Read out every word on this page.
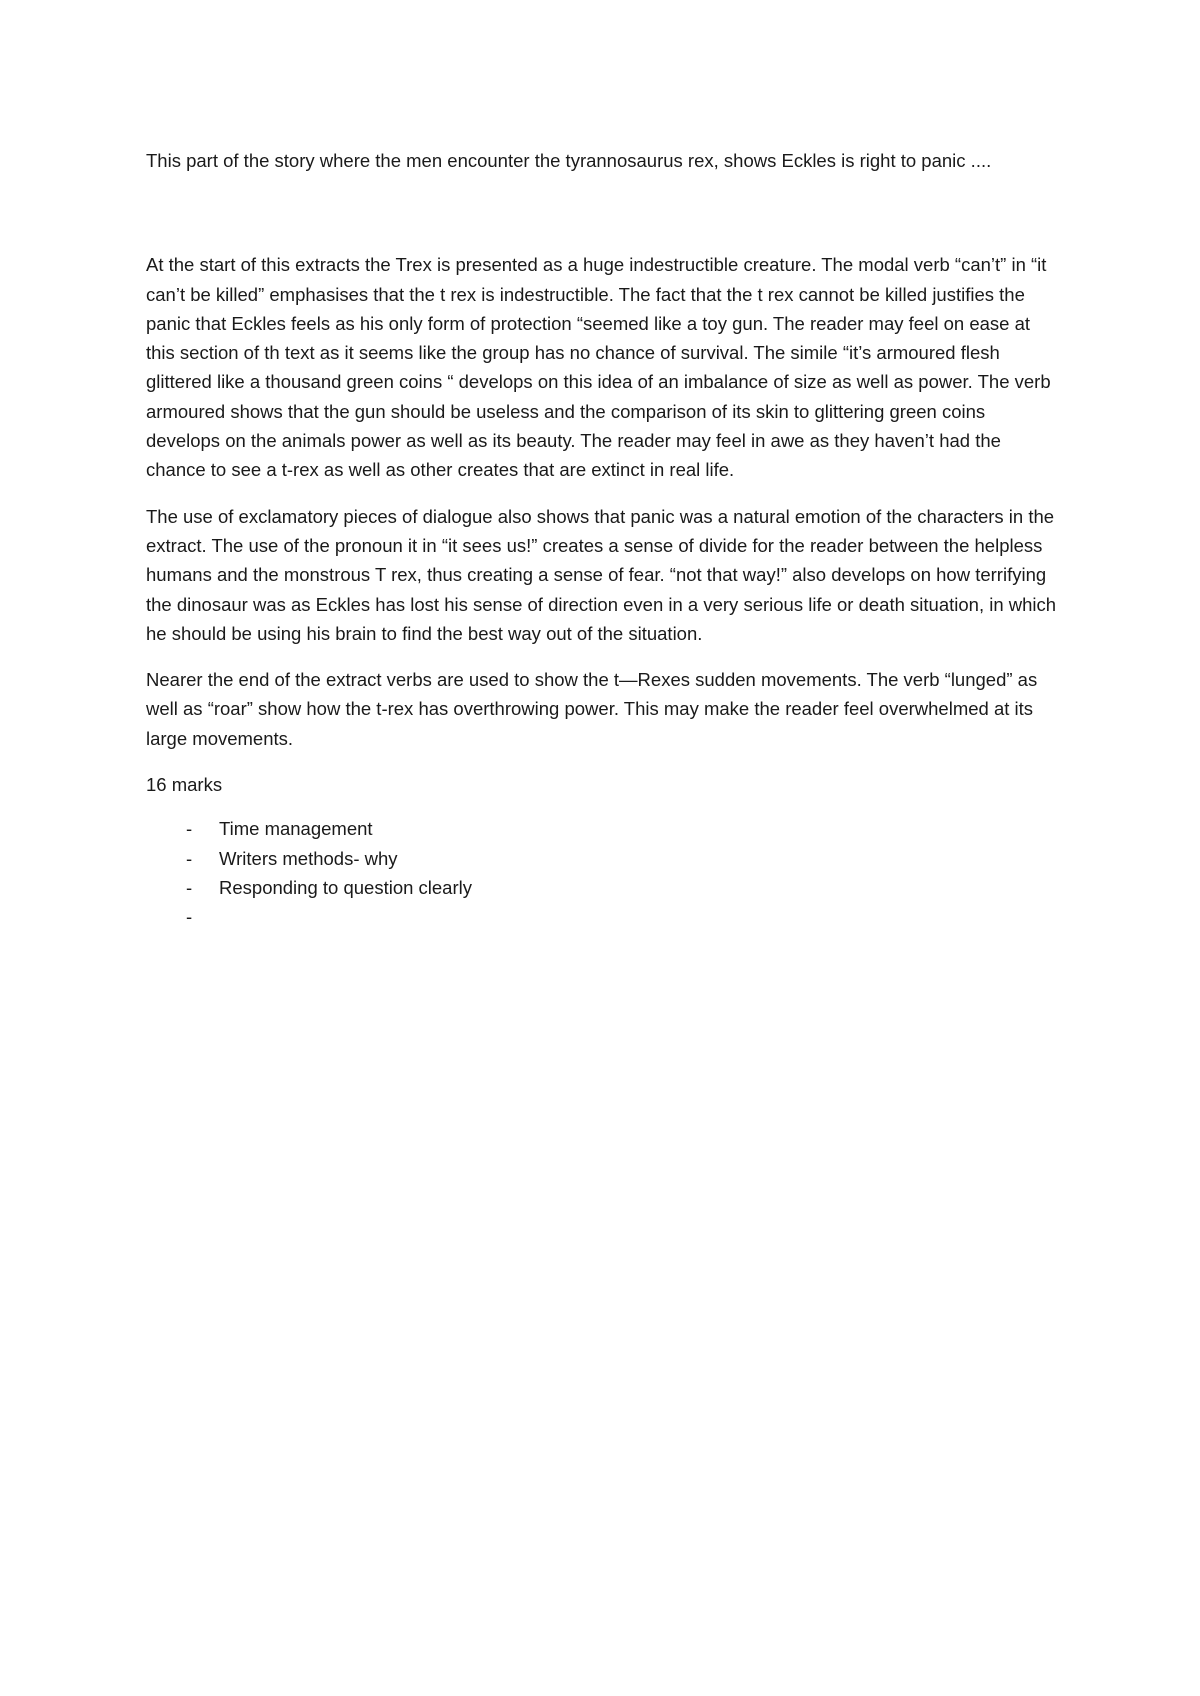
This part of the story where the men encounter the tyrannosaurus rex, shows Eckles is right to panic ....

At the start of this extracts the Trex is presented as a huge indestructible creature. The modal verb “can’t” in “it can’t be killed” emphasises that the t rex is indestructible. The fact that the t rex cannot be killed justifies the panic that Eckles feels as his only form of protection “seemed like a toy gun. The reader may feel on ease at this section of th text as it seems like the group has no chance of survival. The simile “it’s armoured flesh glittered like a thousand green coins “ develops on this idea of an imbalance of size as well as power. The verb armoured shows that the gun should be useless and the comparison of its skin to glittering green coins develops on the animals power as well as its beauty. The reader may feel in awe as they haven’t had the chance to see a t-rex as well as other creates that are extinct in real life.

The use of exclamatory pieces of dialogue also shows that panic was a natural emotion of the characters in the extract. The use of the pronoun it in “it sees us!” creates a sense of divide for the reader between the helpless humans and the monstrous T rex, thus creating a sense of fear. “not that way!” also develops on how terrifying the dinosaur was as Eckles has lost his sense of direction even in a very serious life or death situation, in which he should be using his brain to find the best way out of the situation.

Nearer the end of the extract verbs are used to show the t—Rexes sudden movements. The verb “lunged” as well as “roar” show how the t-rex has overthrowing power. This may make the reader feel overwhelmed at its large movements.

16 marks

-	Time management
-	Writers methods- why
-	Responding to question clearly
-
